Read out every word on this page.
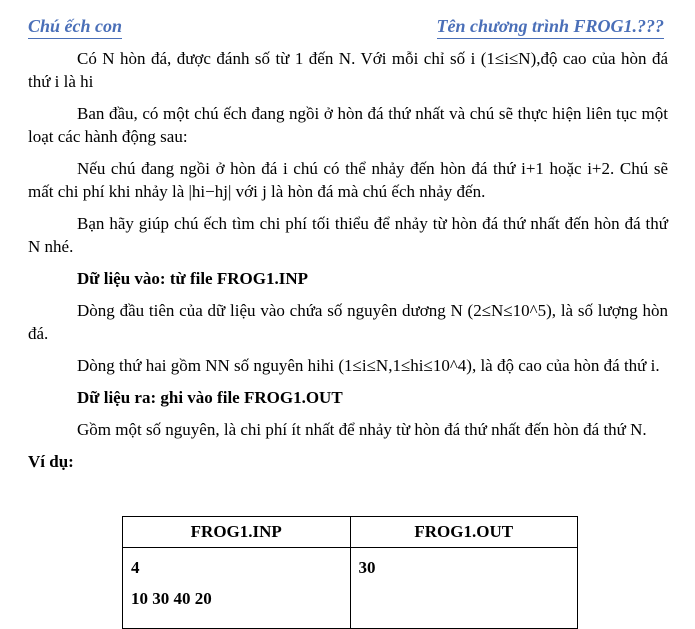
Chú ếch con	Tên chương trình FROG1.???

Có N hòn đá, được đánh số từ 1 đến N. Với mỗi chỉ số i (1≤i≤N),độ cao của hòn đá thứ i là hi

Ban đầu, có một chú ếch đang ngồi ở hòn đá thứ nhất và chú sẽ thực hiện liên tục một loạt các hành động sau:

Nếu chú đang ngồi ở hòn đá i chú có thể nhảy đến hòn đá thứ i+1 hoặc i+2. Chú sẽ mất chi phí khi nhảy là |hi−hj| với j là hòn đá mà chú ếch nhảy đến.

Bạn hãy giúp chú ếch tìm chi phí tối thiểu để nhảy từ hòn đá thứ nhất đến hòn đá thứ N nhé.

Dữ liệu vào: từ file FROG1.INP

Dòng đầu tiên của dữ liệu vào chứa số nguyên dương N (2≤N≤10^5), là số lượng hòn đá.

Dòng thứ hai gồm NN số nguyên hihi (1≤i≤N,1≤hi≤10^4), là độ cao của hòn đá thứ i.

Dữ liệu ra: ghi vào file FROG1.OUT

Gồm một số nguyên, là chi phí ít nhất để nhảy từ hòn đá thứ nhất đến hòn đá thứ N.

Ví dụ:

FROG1.INP	FROG1.OUT

4
10 30 40 20	30
